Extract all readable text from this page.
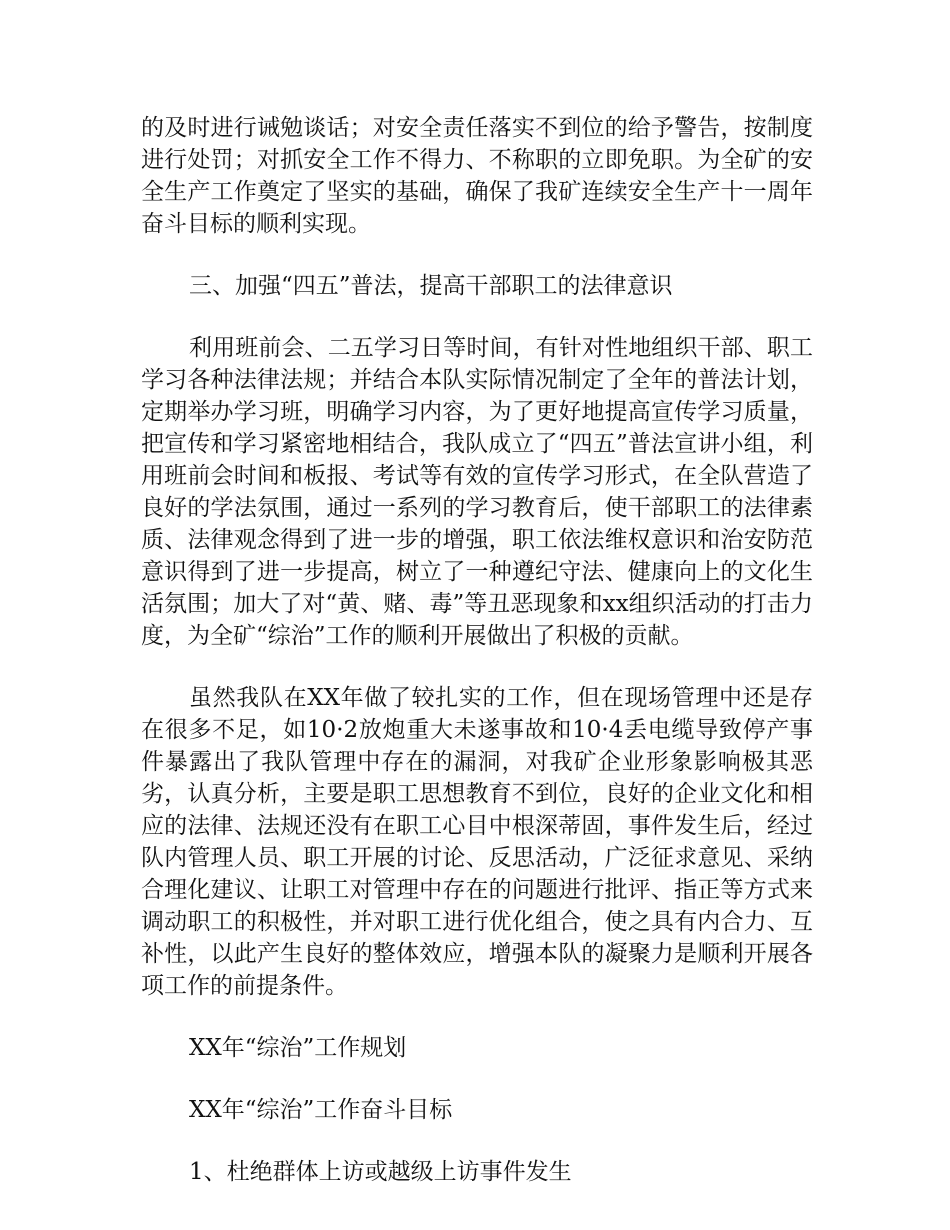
的及时进行诫勉谈话；对安全责任落实不到位的给予警告，按制度进行处罚；对抓安全工作不得力、不称职的立即免职。为全矿的安全生产工作奠定了坚实的基础，确保了我矿连续安全生产十一周年奋斗目标的顺利实现。

三、加强“四五”普法，提高干部职工的法律意识

利用班前会、二五学习日等时间，有针对性地组织干部、职工学习各种法律法规；并结合本队实际情况制定了全年的普法计划，定期举办学习班，明确学习内容，为了更好地提高宣传学习质量，把宣传和学习紧密地相结合，我队成立了“四五”普法宣讲小组，利用班前会时间和板报、考试等有效的宣传学习形式，在全队营造了良好的学法氛围，通过一系列的学习教育后，使干部职工的法律素质、法律观念得到了进一步的增强，职工依法维权意识和治安防范意识得到了进一步提高，树立了一种遵纪守法、健康向上的文化生活氛围；加大了对“黄、赌、毒”等丑恶现象和xx组织活动的打击力度，为全矿“综治”工作的顺利开展做出了积极的贡献。

虽然我队在XX年做了较扎实的工作，但在现场管理中还是存在很多不足，如10·2放炮重大未遂事故和10·4丢电缆导致停产事件暴露出了我队管理中存在的漏洞，对我矿企业形象影响极其恶劣，认真分析，主要是职工思想教育不到位，良好的企业文化和相应的法律、法规还没有在职工心目中根深蒂固，事件发生后，经过队内管理人员、职工开展的讨论、反思活动，广泛征求意见、采纳合理化建议、让职工对管理中存在的问题进行批评、指正等方式来调动职工的积极性，并对职工进行优化组合，使之具有内合力、互补性，以此产生良好的整体效应，增强本队的凝聚力是顺利开展各项工作的前提条件。

XX年“综治”工作规划

XX年“综治”工作奋斗目标

1、杜绝群体上访或越级上访事件发生
